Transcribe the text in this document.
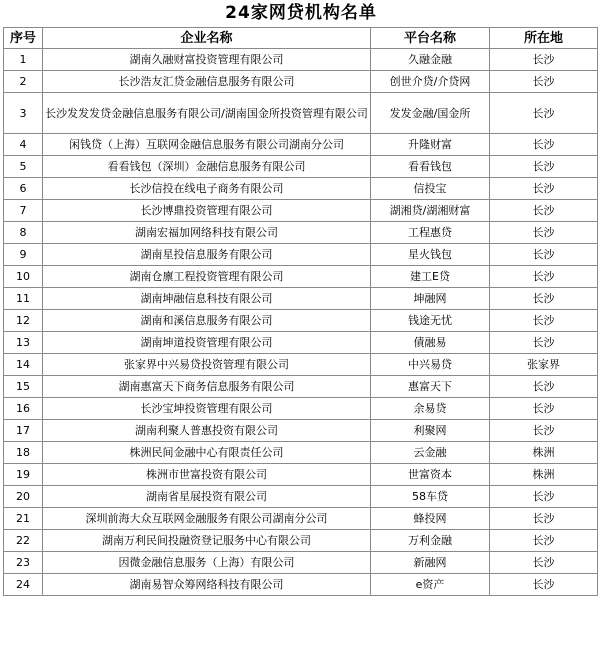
24家网贷机构名单
序号	企业名称	平台名称	所在地
1	湖南久融财富投资管理有限公司	久融金融	长沙
2	长沙浩友汇贷金融信息服务有限公司	创世介贷/介贷网	长沙
3	长沙发发发贷金融信息服务有限公司/湖南国金所投资管理有限公司	发发金融/国金所	长沙
4	闲钱贷（上海）互联网金融信息服务有限公司湖南分公司	升隆财富	长沙
5	看看钱包（深圳）金融信息服务有限公司	看看钱包	长沙
6	长沙信投在线电子商务有限公司	信投宝	长沙
7	长沙博鼎投资管理有限公司	湖湘贷/湖湘财富	长沙
8	湖南宏福加网络科技有限公司	工程惠贷	长沙
9	湖南星投信息服务有限公司	星火钱包	长沙
10	湖南仓廪工程投资管理有限公司	建工E贷	长沙
11	湖南坤融信息科技有限公司	坤融网	长沙
12	湖南和溪信息服务有限公司	钱途无忧	长沙
13	湖南坤道投资管理有限公司	債融易	长沙
14	张家界中兴易贷投资管理有限公司	中兴易贷	张家界
15	湖南惠富天下商务信息服务有限公司	惠富天下	长沙
16	长沙宝坤投资管理有限公司	余易贷	长沙
17	湖南利聚人普惠投资有限公司	利聚网	长沙
18	株洲民间金融中心有限责任公司	云金融	株洲
19	株洲市世富投资有限公司	世富资本	株洲
20	湖南省星展投资有限公司	58车贷	长沙
21	深圳前海大众互联网金融服务有限公司湖南分公司	蜂投网	长沙
22	湖南万利民间投融资登记服务中心有限公司	万利金融	长沙
23	因微金融信息服务（上海）有限公司	新融网	长沙
24	湖南易智众筹网络科技有限公司	e资产	长沙
